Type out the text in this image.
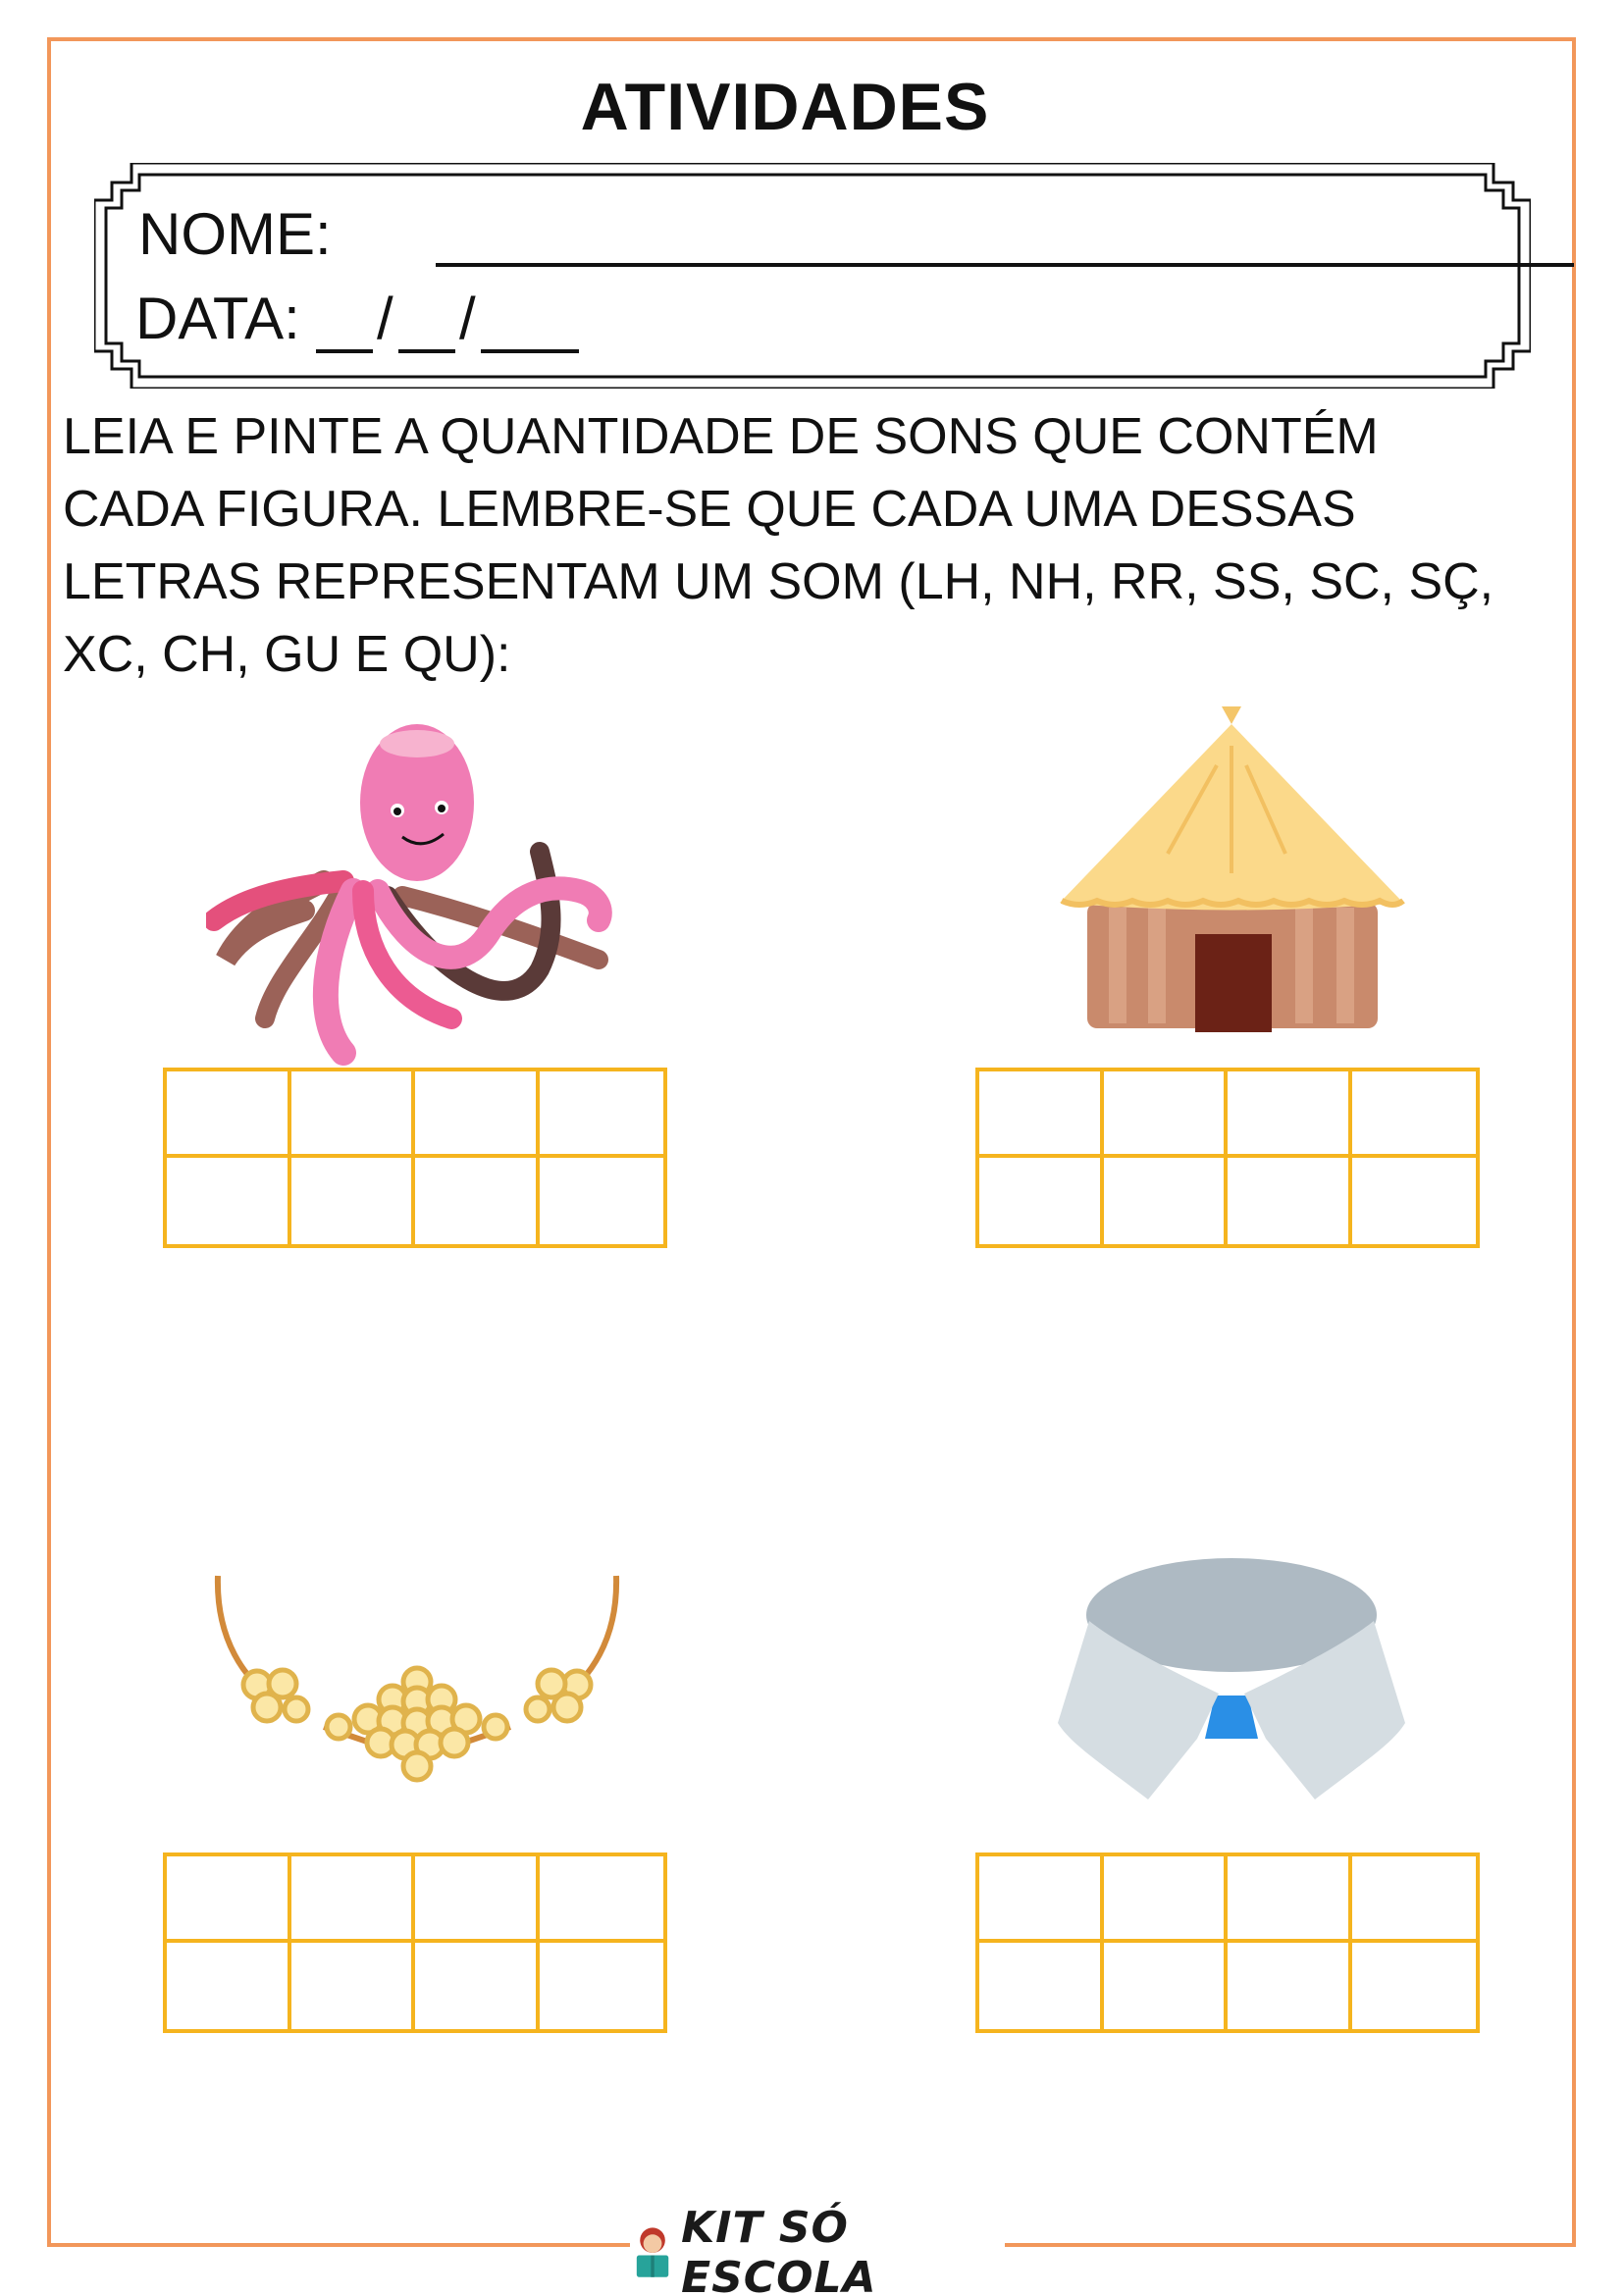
ATIVIDADES
NOME:
DATA: / /
LEIA E PINTE A QUANTIDADE DE SONS QUE CONTÉM
CADA FIGURA. LEMBRE-SE QUE CADA UMA DESSAS
LETRAS REPRESENTAM UM SOM (LH, NH, RR, SS, SC, SÇ,
XC, CH, GU E QU):
KIT SÓ ESCOLA
